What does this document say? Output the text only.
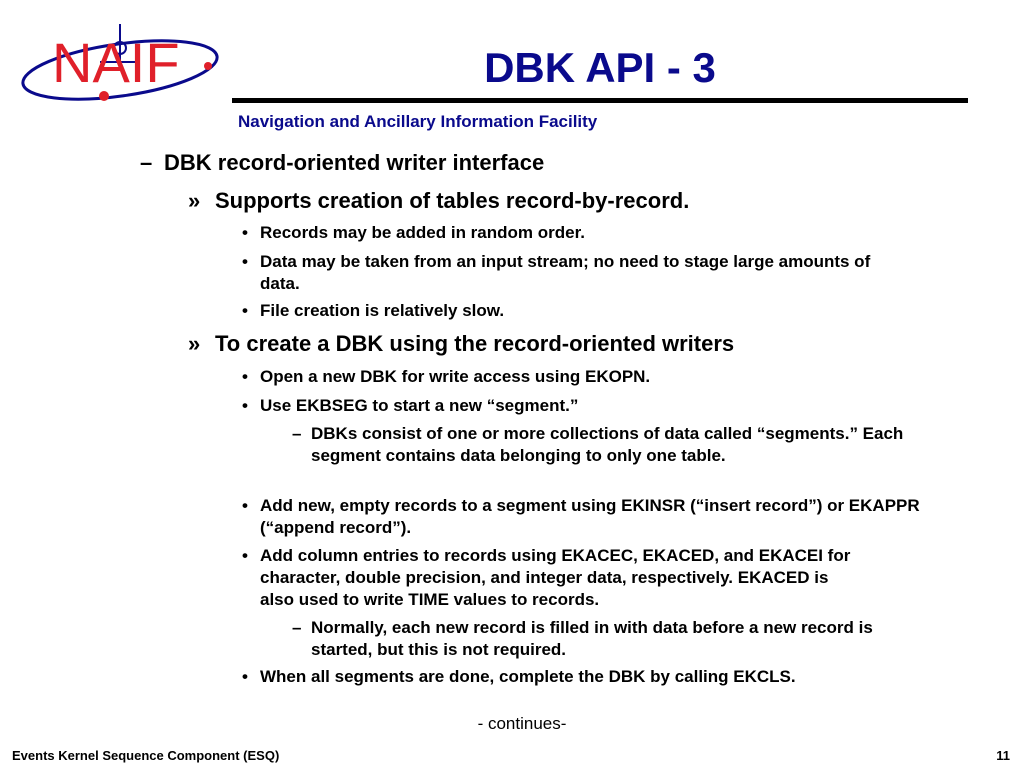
NAIF	DBK API - 3
Navigation and Ancillary Information Facility
– DBK record-oriented writer interface
» Supports creation of tables record-by-record.
• Records may be added in random order.
• Data may be taken from an input stream; no need to stage large amounts of data.
• File creation is relatively slow.
» To create a DBK using the record-oriented writers
• Open a new DBK for write access using EKOPN.
• Use EKBSEG to start a new “segment.”
– DBKs consist of one or more collections of data called “segments.” Each segment contains data belonging to only one table.
• Add new, empty records to a segment using EKINSR (“insert record”) or EKAPPR (“append record”).
• Add column entries to records using EKACEC, EKACED, and EKACEI for character, double precision, and integer data, respectively. EKACED is also used to write TIME values to records.
– Normally, each new record is filled in with data before a new record is started, but this is not required.
• When all segments are done, complete the DBK by calling EKCLS.
- continues-
Events Kernel Sequence Component (ESQ)	11
